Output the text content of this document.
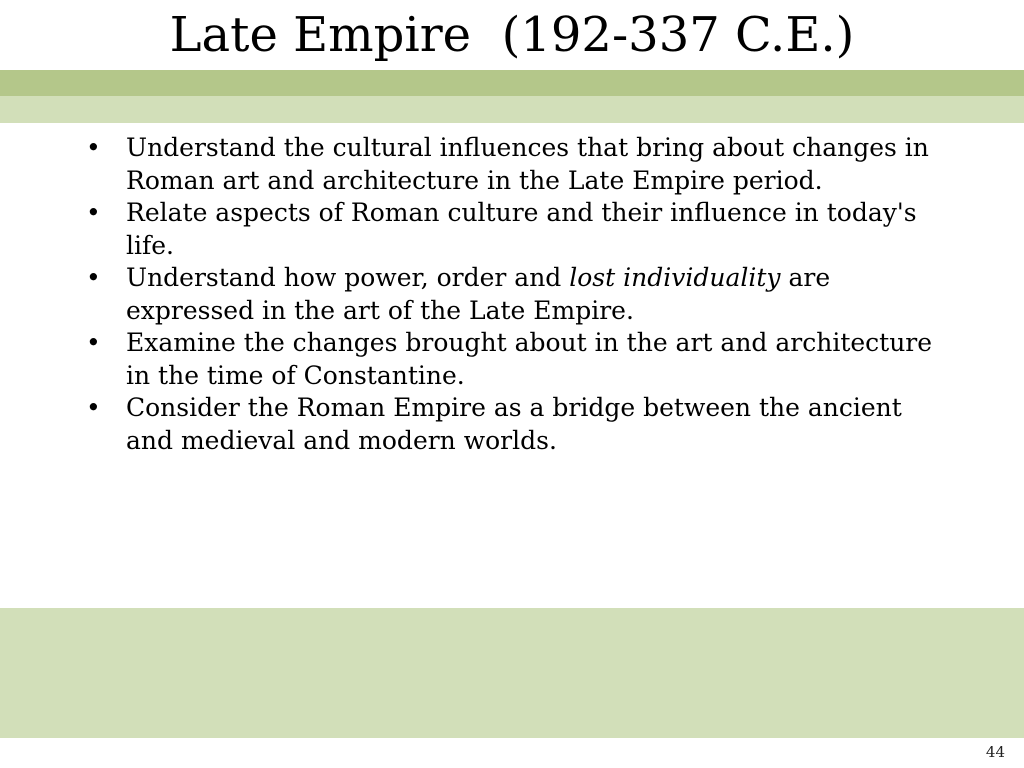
Late Empire  (192-337 C.E.)
• Understand the cultural influences that bring about changes in Roman art and architecture in the Late Empire period.
• Relate aspects of Roman culture and their influence in today's life.
• Understand how power, order and lost individuality are expressed in the art of the Late Empire.
• Examine the changes brought about in the art and architecture in the time of Constantine.
• Consider the Roman Empire as a bridge between the ancient and medieval and modern worlds.
44
